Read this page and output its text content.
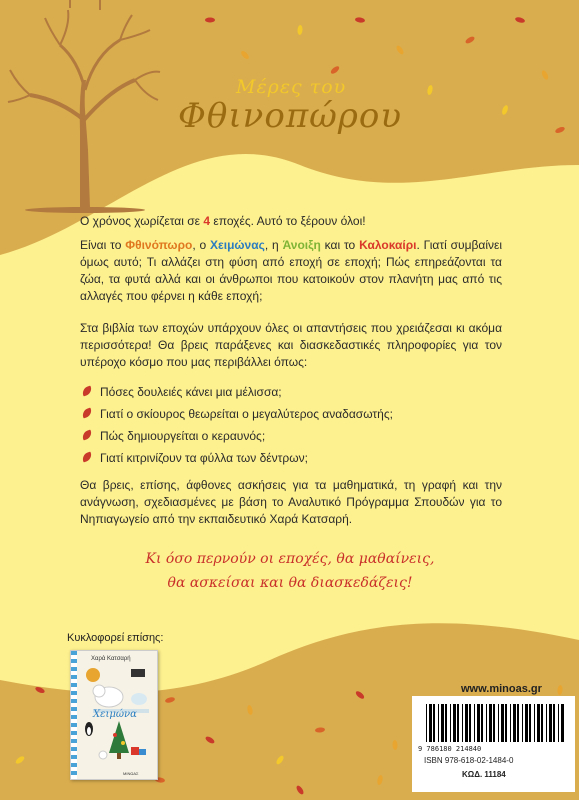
Μέρες του
Φθινοπώρου
Ο χρόνος χωρίζεται σε 4 εποχές. Αυτό το ξέρουν όλοι!
Είναι το Φθινόπωρο, ο Χειμώνας, η Άνοιξη και το Καλοκαίρι. Γιατί συμβαίνει όμως αυτό; Τι αλλάζει στη φύση από εποχή σε εποχή; Πώς επηρεάζονται τα ζώα, τα φυτά αλλά και οι άνθρωποι που κατοικούν στον πλανήτη μας από τις αλλαγές που φέρνει η κάθε εποχή;
Στα βιβλία των εποχών υπάρχουν όλες οι απαντήσεις που χρειάζεσαι κι ακόμα περισσότερα! Θα βρεις παράξενες και διασκεδαστικές πληροφορίες για τον υπέροχο κόσμο που μας περιβάλλει όπως:
Πόσες δουλειές κάνει μια μέλισσα;
Γιατί ο σκίουρος θεωρείται ο μεγαλύτερος αναδασωτής;
Πώς δημιουργείται ο κεραυνός;
Γιατί κιτρινίζουν τα φύλλα των δέντρων;
Θα βρεις, επίσης, άφθονες ασκήσεις για τα μαθηματικά, τη γραφή και την ανάγνωση, σχεδιασμένες με βάση το Αναλυτικό Πρόγραμμα Σπουδών για το Νηπιαγωγείο από την εκπαιδευτικό Χαρά Κατσαρή.
Κι όσο περνούν οι εποχές, θα μαθαίνεις,
θα ασκείσαι και θα διασκεδάζεις!
Κυκλοφορεί επίσης:
Χαρά Κατσαρή
Χειμώνα
ΜΙΝΩΑΣ
www.minoas.gr
9 786180 214840
ISBN 978-618-02-1484-0
ΚΩΔ. 11184
